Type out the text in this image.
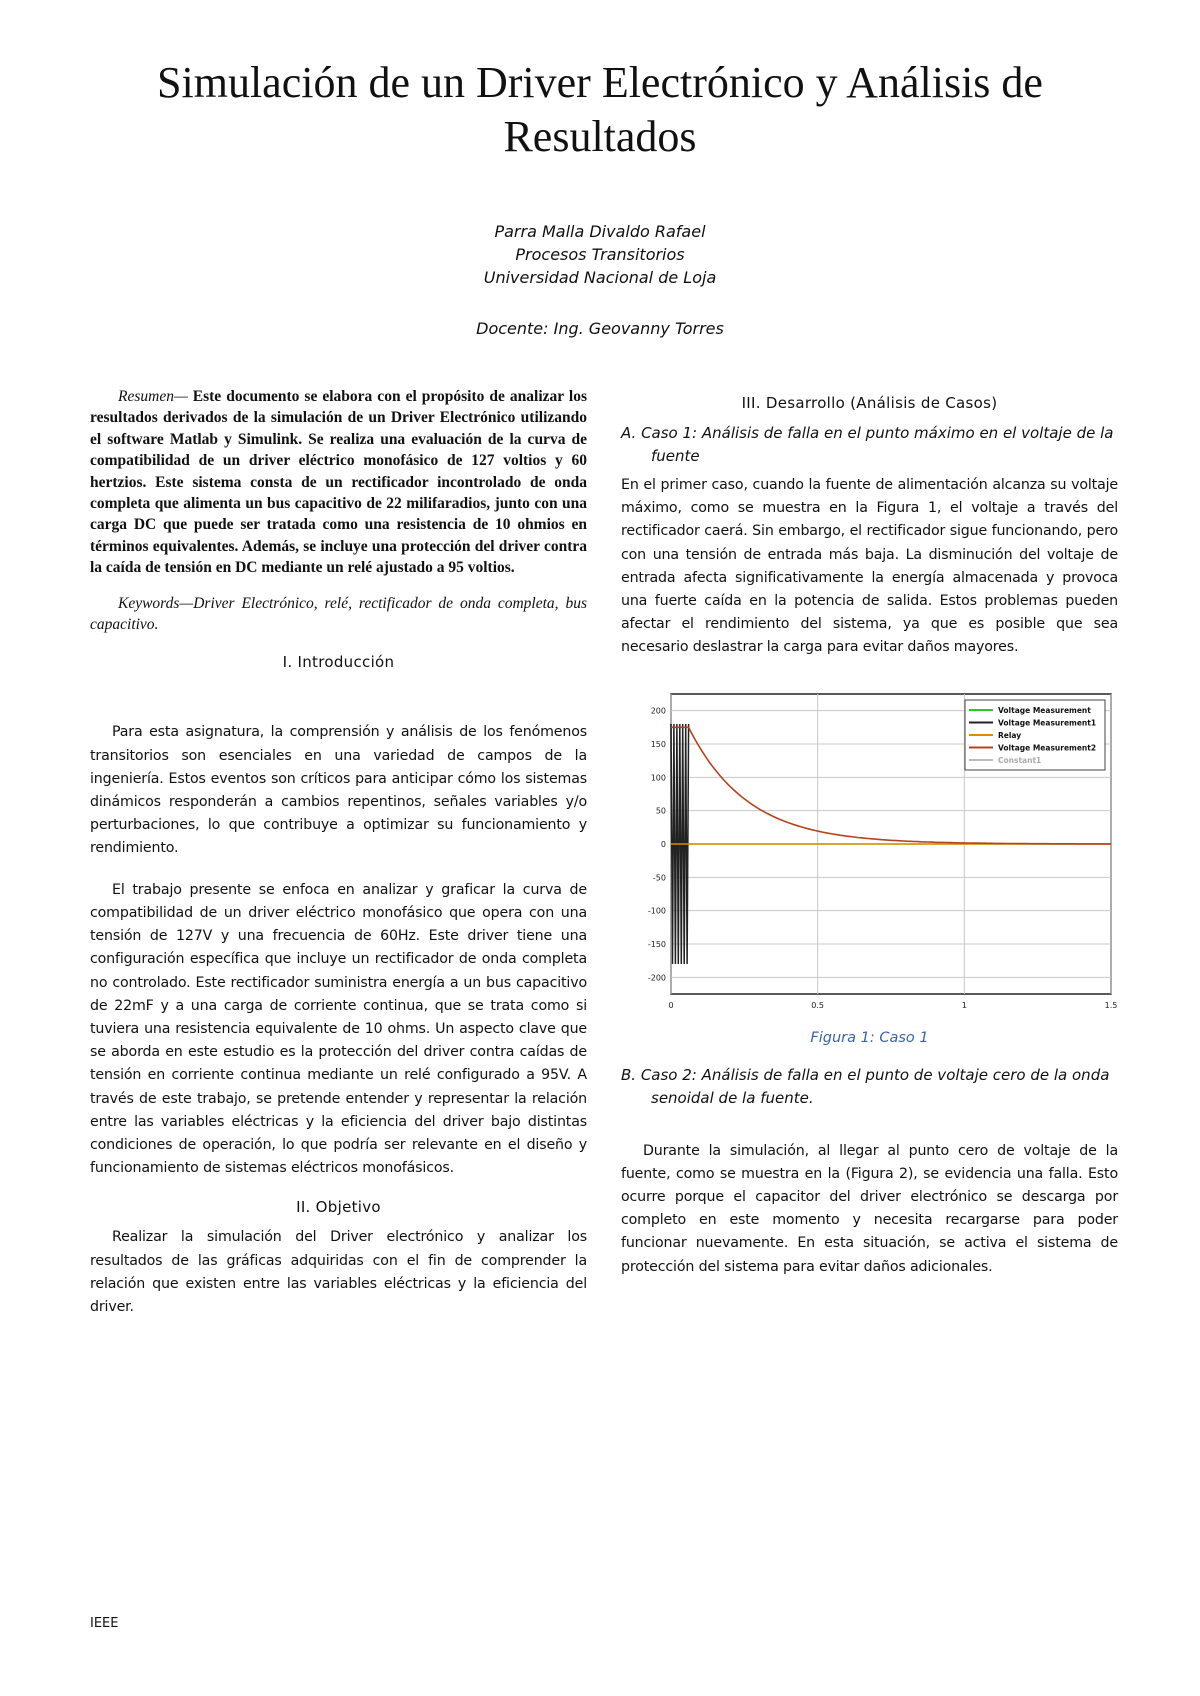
Simulación de un Driver Electrónico y Análisis de Resultados
Parra Malla Divaldo Rafael
Procesos Transitorios
Universidad Nacional de Loja
Docente: Ing. Geovanny Torres

Resumen— Este documento se elabora con el propósito de analizar los resultados derivados de la simulación de un Driver Electrónico utilizando el software Matlab y Simulink. Se realiza una evaluación de la curva de compatibilidad de un driver eléctrico monofásico de 127 voltios y 60 hertzios. Este sistema consta de un rectificador incontrolado de onda completa que alimenta un bus capacitivo de 22 milifaradios, junto con una carga DC que puede ser tratada como una resistencia de 10 ohmios en términos equivalentes. Además, se incluye una protección del driver contra la caída de tensión en DC mediante un relé ajustado a 95 voltios.

Keywords—Driver Electrónico, relé, rectificador de onda completa, bus capacitivo.

I. Introducción

Para esta asignatura, la comprensión y análisis de los fenómenos transitorios son esenciales en una variedad de campos de la ingeniería. Estos eventos son críticos para anticipar cómo los sistemas dinámicos responderán a cambios repentinos, señales variables y/o perturbaciones, lo que contribuye a optimizar su funcionamiento y rendimiento.

El trabajo presente se enfoca en analizar y graficar la curva de compatibilidad de un driver eléctrico monofásico que opera con una tensión de 127V y una frecuencia de 60Hz. Este driver tiene una configuración específica que incluye un rectificador de onda completa no controlado. Este rectificador suministra energía a un bus capacitivo de 22mF y a una carga de corriente continua, que se trata como si tuviera una resistencia equivalente de 10 ohms. Un aspecto clave que se aborda en este estudio es la protección del driver contra caídas de tensión en corriente continua mediante un relé configurado a 95V. A través de este trabajo, se pretende entender y representar la relación entre las variables eléctricas y la eficiencia del driver bajo distintas condiciones de operación, lo que podría ser relevante en el diseño y funcionamiento de sistemas eléctricos monofásicos.

II. Objetivo

Realizar la simulación del Driver electrónico y analizar los resultados de las gráficas adquiridas con el fin de comprender la relación que existen entre las variables eléctricas y la eficiencia del driver.

III. Desarrollo (Análisis de Casos)

A. Caso 1: Análisis de falla en el punto máximo en el voltaje de la fuente

En el primer caso, cuando la fuente de alimentación alcanza su voltaje máximo, como se muestra en la Figura 1, el voltaje a través del rectificador caerá. Sin embargo, el rectificador sigue funcionando, pero con una tensión de entrada más baja. La disminución del voltaje de entrada afecta significativamente la energía almacenada y provoca una fuerte caída en la potencia de salida. Estos problemas pueden afectar el rendimiento del sistema, ya que es posible que sea necesario deslastrar la carga para evitar daños mayores.

0	0.5	1	1.5
200
150
100
50
0
-50
-100
-150
-200
Voltage Measurement
Voltage Measurement1
Relay
Voltage Measurement2
Constant1

Figura 1: Caso 1

B. Caso 2: Análisis de falla en el punto de voltaje cero de la onda senoidal de la fuente.

Durante la simulación, al llegar al punto cero de voltaje de la fuente, como se muestra en la (Figura 2), se evidencia una falla. Esto ocurre porque el capacitor del driver electrónico se descarga por completo en este momento y necesita recargarse para poder funcionar nuevamente. En esta situación, se activa el sistema de protección del sistema para evitar daños adicionales.

IEEE
